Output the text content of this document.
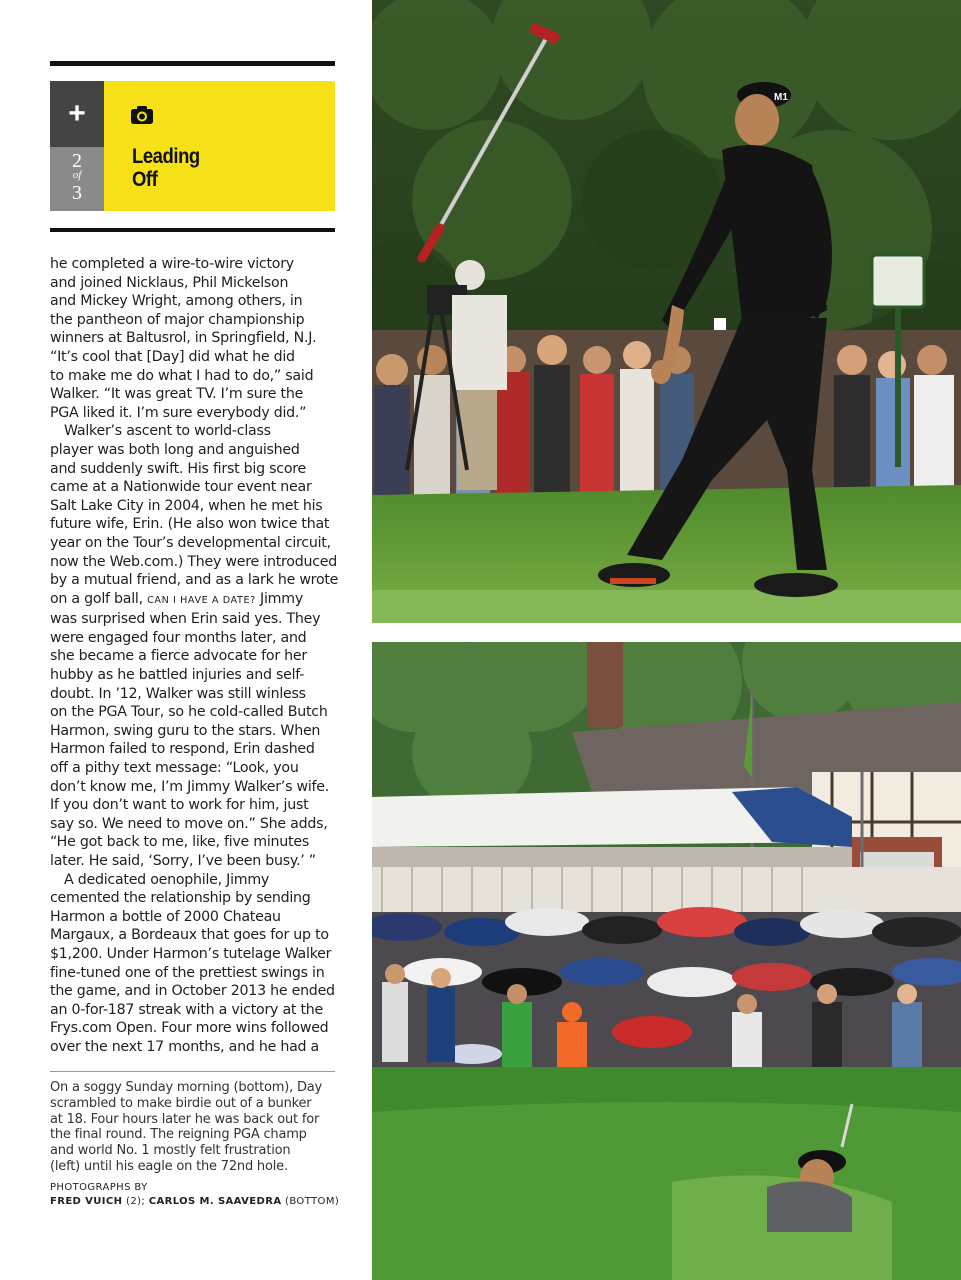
+
2
of
3
Leading
Off
he completed a wire-to-wire victory
and joined Nicklaus, Phil Mickelson
and Mickey Wright, among others, in
the pantheon of major championship
winners at Baltusrol, in Springfield, N.J.
“It’s cool that [Day] did what he did
to make me do what I had to do,” said
Walker. “It was great TV. I’m sure the
PGA liked it. I’m sure everybody did.”
Walker’s ascent to world-class
player was both long and anguished
and suddenly swift. His first big score
came at a Nationwide tour event near
Salt Lake City in 2004, when he met his
future wife, Erin. (He also won twice that
year on the Tour’s developmental circuit,
now the Web.com.) They were introduced
by a mutual friend, and as a lark he wrote
on a golf ball, CAN I HAVE A DATE? Jimmy
was surprised when Erin said yes. They
were engaged four months later, and
she became a fierce advocate for her
hubby as he battled injuries and self-
doubt. In ’12, Walker was still winless
on the PGA Tour, so he cold-called Butch
Harmon, swing guru to the stars. When
Harmon failed to respond, Erin dashed
off a pithy text message: “Look, you
don’t know me, I’m Jimmy Walker’s wife.
If you don’t want to work for him, just
say so. We need to move on.” She adds,
“He got back to me, like, five minutes
later. He said, ‘Sorry, I’ve been busy.’ ”
A dedicated oenophile, Jimmy
cemented the relationship by sending
Harmon a bottle of 2000 Chateau
Margaux, a Bordeaux that goes for up to
$1,200. Under Harmon’s tutelage Walker
fine-tuned one of the prettiest swings in
the game, and in October 2013 he ended
an 0-for-187 streak with a victory at the
Frys.com Open. Four more wins followed
over the next 17 months, and he had a
On a soggy Sunday morning (bottom), Day
scrambled to make birdie out of a bunker
at 18. Four hours later he was back out for
the final round. The reigning PGA champ
and world No. 1 mostly felt frustration
(left) until his eagle on the 72nd hole.
PHOTOGRAPHS BY
FRED VUICH (2); CARLOS M. SAAVEDRA (BOTTOM)
M1
